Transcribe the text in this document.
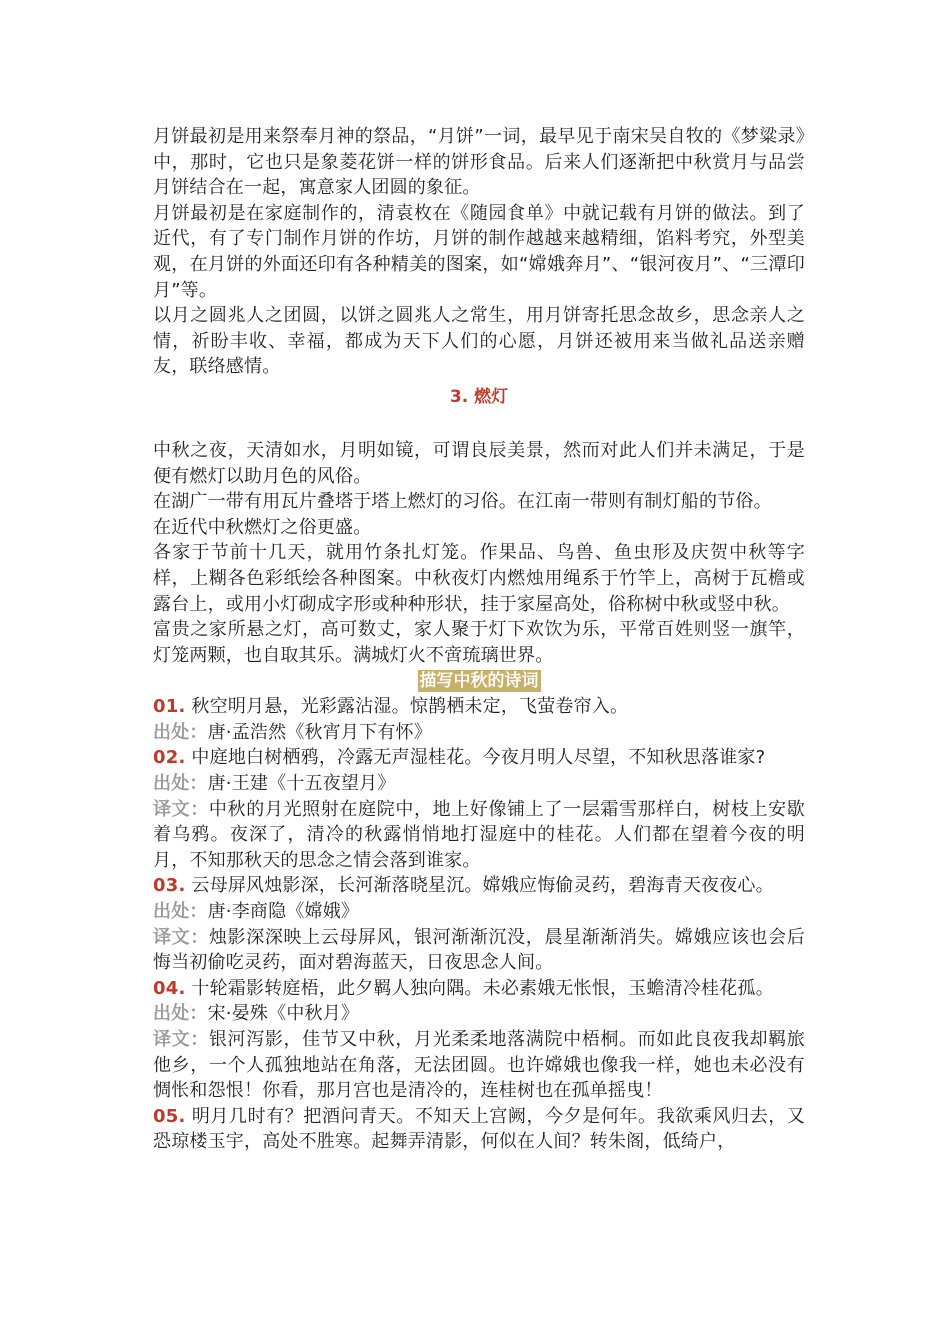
月饼最初是用来祭奉月神的祭品，“月饼”一词，最早见于南宋吴自牧的《梦粱录》中，那时，它也只是象菱花饼一样的饼形食品。后来人们逐渐把中秋赏月与品尝月饼结合在一起，寓意家人团圆的象征。

月饼最初是在家庭制作的，清袁枚在《随园食单》中就记载有月饼的做法。到了近代，有了专门制作月饼的作坊，月饼的制作越越来越精细，馅料考究，外型美观，在月饼的外面还印有各种精美的图案，如“嫦娥奔月”、“银河夜月”、“三潭印月”等。

以月之圆兆人之团圆，以饼之圆兆人之常生，用月饼寄托思念故乡，思念亲人之情，祈盼丰收、幸福，都成为天下人们的心愿，月饼还被用来当做礼品送亲赠友，联络感情。

3. 燃灯

中秋之夜，天清如水，月明如镜，可谓良辰美景，然而对此人们并未满足，于是便有燃灯以助月色的风俗。

在湖广一带有用瓦片叠塔于塔上燃灯的习俗。在江南一带则有制灯船的节俗。

在近代中秋燃灯之俗更盛。

各家于节前十几天，就用竹条扎灯笼。作果品、鸟兽、鱼虫形及庆贺中秋等字样，上糊各色彩纸绘各种图案。中秋夜灯内燃烛用绳系于竹竿上，高树于瓦檐或露台上，或用小灯砌成字形或种种形状，挂于家屋高处，俗称树中秋或竖中秋。

富贵之家所悬之灯，高可数丈，家人聚于灯下欢饮为乐，平常百姓则竖一旗竿，灯笼两颗，也自取其乐。满城灯火不啻琉璃世界。

描写中秋的诗词

01. 秋空明月悬，光彩露沾湿。惊鹊栖未定，飞萤卷帘入。

出处：唐·孟浩然《秋宵月下有怀》

02. 中庭地白树栖鸦，冷露无声湿桂花。今夜月明人尽望，不知秋思落谁家?

出处：唐·王建《十五夜望月》

译文：中秋的月光照射在庭院中，地上好像铺上了一层霜雪那样白，树枝上安歇着乌鸦。夜深了，清冷的秋露悄悄地打湿庭中的桂花。人们都在望着今夜的明月，不知那秋天的思念之情会落到谁家。

03. 云母屏风烛影深，长河渐落晓星沉。嫦娥应悔偷灵药，碧海青天夜夜心。

出处：唐·李商隐《嫦娥》

译文：烛影深深映上云母屏风，银河渐渐沉没，晨星渐渐消失。嫦娥应该也会后悔当初偷吃灵药，面对碧海蓝天，日夜思念人间。

04. 十轮霜影转庭梧，此夕羁人独向隅。未必素娥无怅恨，玉蟾清冷桂花孤。

出处：宋·晏殊《中秋月》

译文：银河泻影，佳节又中秋，月光柔柔地落满院中梧桐。而如此良夜我却羁旅他乡，一个人孤独地站在角落，无法团圆。也许嫦娥也像我一样，她也未必没有惆怅和怨恨！你看，那月宫也是清冷的，连桂树也在孤单摇曳！

05. 明月几时有？把酒问青天。不知天上宫阙，今夕是何年。我欲乘风归去，又恐琼楼玉宇，高处不胜寒。起舞弄清影，何似在人间？转朱阁，低绮户，
